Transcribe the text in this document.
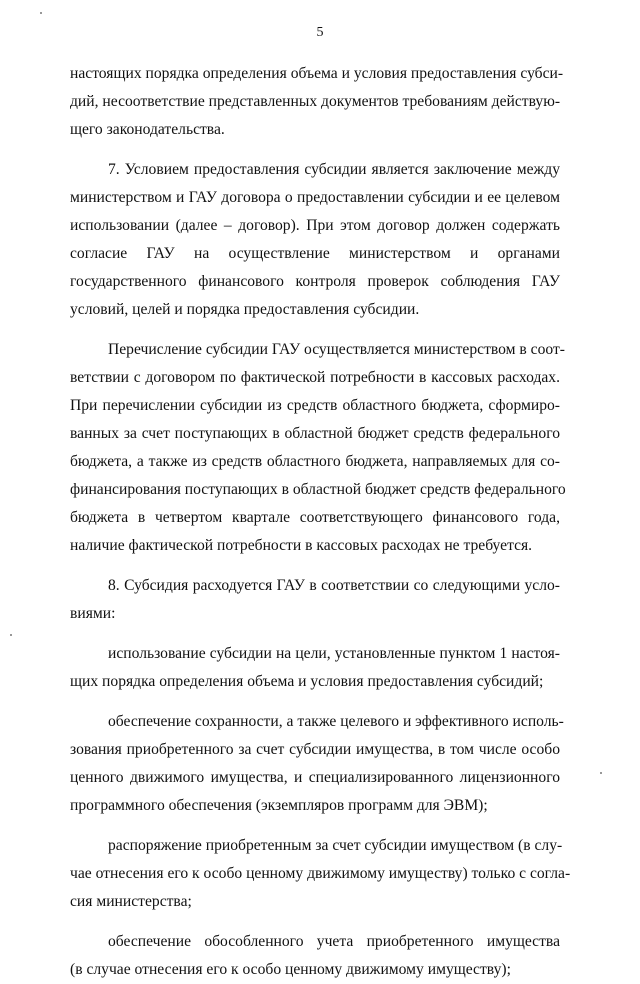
5
настоящих порядка определения объема и условия предоставления субси-
дий, несоответствие представленных документов требованиям действую-
щего законодательства.
7. Условием предоставления субсидии является заключение между
министерством и ГАУ договора о предоставлении субсидии и ее целевом
использовании (далее – договор). При этом договор должен содержать
согласие ГАУ на осуществление министерством и органами
государственного финансового контроля проверок соблюдения ГАУ
условий, целей и порядка предоставления субсидии.
Перечисление субсидии ГАУ осуществляется министерством в соот-
ветствии с договором по фактической потребности в кассовых расходах.
При перечислении субсидии из средств областного бюджета, сформиро-
ванных за счет поступающих в областной бюджет средств федерального
бюджета, а также из средств областного бюджета, направляемых для со-
финансирования поступающих в областной бюджет средств федерального
бюджета в четвертом квартале соответствующего финансового года,
наличие фактической потребности в кассовых расходах не требуется.
8. Субсидия расходуется ГАУ в соответствии со следующими усло-
виями:
использование субсидии на цели, установленные пунктом 1 настоя-
щих порядка определения объема и условия предоставления субсидий;
обеспечение сохранности, а также целевого и эффективного исполь-
зования приобретенного за счет субсидии имущества, в том числе особо
ценного движимого имущества, и специализированного лицензионного
программного обеспечения (экземпляров программ для ЭВМ);
распоряжение приобретенным за счет субсидии имуществом (в слу-
чае отнесения его к особо ценному движимому имуществу) только с согла-
сия министерства;
обеспечение обособленного учета приобретенного имущества
(в случае отнесения его к особо ценному движимому имуществу);
